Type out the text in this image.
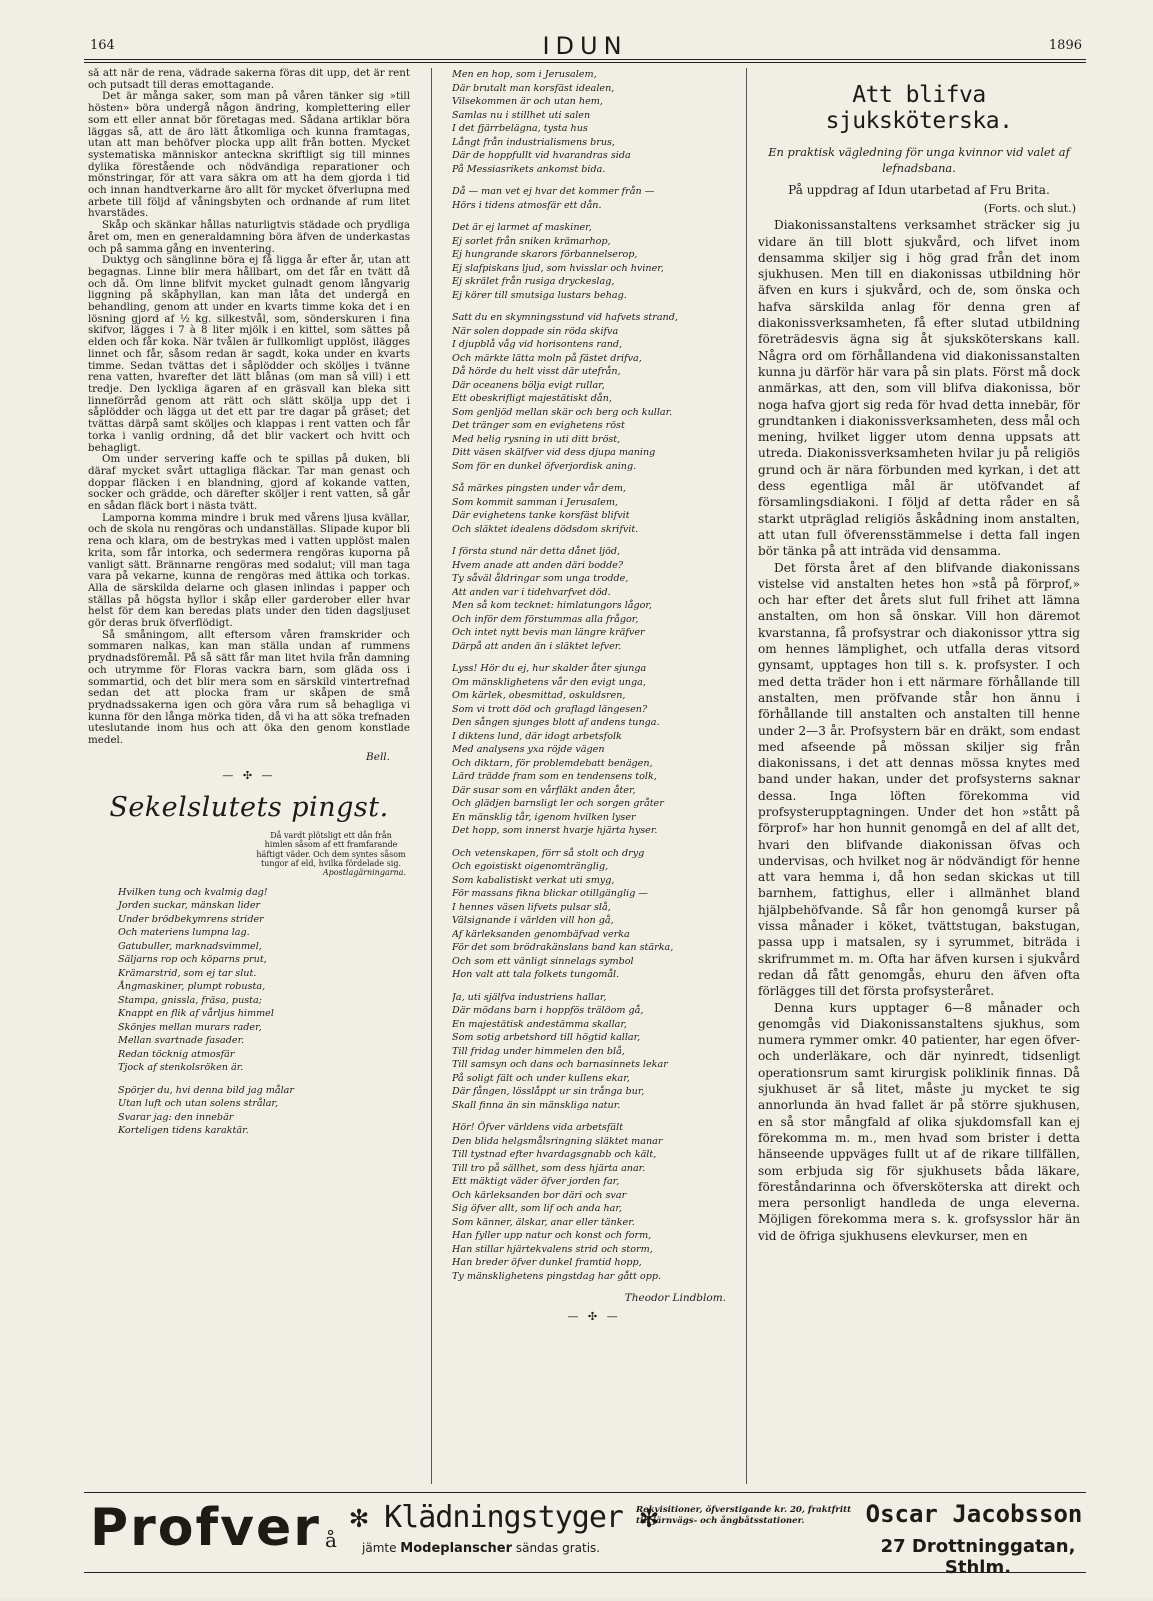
164	IDUN	1896

så att när de rena, vädrade sakerna föras dit upp, det är rent och putsadt till deras emottagande.

Det är många saker, som man på våren tänker sig »till hösten» böra undergå någon ändring, komplettering eller som ett eller annat bör företagas med. Sådana artiklar böra läggas så, att de äro lätt åtkomliga och kunna framtagas, utan att man behöfver plocka upp allt från botten. Mycket systematiska människor anteckna skriftligt sig till minnes dylika förestående och nödvändiga reparationer och mönstringar, för att vara säkra om att ha dem gjorda i tid och innan handtverkarne äro allt för mycket öfverlupna med arbete till följd af våningsbyten och ordnande af rum litet hvarstädes.

Skåp och skänkar hållas naturligtvis städade och prydliga året om, men en generaldamning böra äfven de underkastas och på samma gång en inventering.

Duktyg och sänglinne böra ej få ligga år efter år, utan att begagnas. Linne blir mera hållbart, om det får en tvätt då och då. Om linne blifvit mycket gulnadt genom långvarig liggning på skåphyllan, kan man låta det undergå en behandling, genom att under en kvarts timme koka det i en lösning gjord af ½ kg. silkestvål, som, sönderskuren i fina skifvor, lägges i 7 à 8 liter mjölk i en kittel, som sättes på elden och får koka. När tvålen är fullkomligt upplöst, ilägges linnet och får, såsom redan är sagdt, koka under en kvarts timme. Sedan tvättas det i såplödder och sköljes i tvänne rena vatten, hvarefter det lätt blånas (om man så vill) i ett tredje. Den lyckliga ägaren af en gräsvall kan bleka sitt linneförråd genom att rätt och slätt skölja upp det i såplödder och lägga ut det ett par tre dagar på gräset; det tvättas därpå samt sköljes och klappas i rent vatten och får torka i vanlig ordning, då det blir vackert och hvitt och behagligt.

Om under servering kaffe och te spillas på duken, bli däraf mycket svårt uttagliga fläckar. Tar man genast och doppar fläcken i en blandning, gjord af kokande vatten, socker och grädde, och därefter sköljer i rent vatten, så går en sådan fläck bort i nästa tvätt.

Lamporna komma mindre i bruk med vårens ljusa kvällar, och de skola nu rengöras och undanställas. Slipade kupor bli rena och klara, om de bestrykas med i vatten upplöst malen krita, som får intorka, och sedermera rengöras kuporna på vanligt sätt. Brännarne rengöras med sodalut; vill man taga vara på vekarne, kunna de rengöras med ättika och torkas. Alla de särskilda delarne och glasen inlindas i papper och ställas på högsta hyllor i skåp eller garderober eller hvar helst för dem kan beredas plats under den tiden dagsljuset gör deras bruk öfverflödigt.

Så småningom, allt eftersom våren framskrider och sommaren nalkas, kan man ställa undan af rummens prydnadsföremål. På så sätt får man litet hvila från damning och utrymme för Floras vackra barn, som gläda oss i sommartid, och det blir mera som en särskild vintertrefnad sedan det att plocka fram ur skåpen de små prydnadssakerna igen och göra våra rum så behagliga vi kunna för den långa mörka tiden, då vi ha att söka trefnaden uteslutande inom hus och att öka den genom konstlade medel.

Bell.
— ✣ —
Sekelslutets pingst.
Då vardt plötsligt ett dån från himlen såsom af ett framfarande häftigt väder. Och dem syntes såsom tungor af eld, hvilka fördelade sig.
Apostlagärningarna.
Hvilken tung och kvalmig dag!
Jorden suckar, mänskan lider
Under brödbekymrens strider
Och materiens lumpna lag.
Gatubuller, marknadsvimmel,
Säljarns rop och köparns prut,
Krämarstrid, som ej tar slut.
Ångmaskiner, plumpt robusta,
Stampa, gnissla, fräsa, pusta;
Knappt en flik af vårljus himmel
Skönjes mellan murars rader,
Mellan svartnade fasader.
Redan töcknig atmosfär
Tjock af stenkolsröken är.
Spörjer du, hvi denna bild jag målar
Utan luft och utan solens strålar,
Svarar jag: den innebär
Korteligen tidens karaktär.
Men en hop, som i Jerusalem,
Där brutalt man korsfäst idealen,
Vilsekommen är och utan hem,
Samlas nu i stillhet uti salen
I det fjärrbelägna, tysta hus
Långt från industrialismens brus,
Där de hoppfullt vid hvarandras sida
På Messiasrikets ankomst bida.
Då — man vet ej hvar det kommer från —
Hörs i tidens atmosfär ett dån.
Det är ej larmet af maskiner,
Ej sorlet från sniken krämarhop,
Ej hungrande skarors förbannelserop,
Ej slafpiskans ljud, som hvisslar och hviner,
Ej skrälet från rusiga dryckeslag,
Ej körer till smutsiga lustars behag.
Satt du en skymningsstund vid hafvets strand,
När solen doppade sin röda skifva
I djupblå våg vid horisontens rand,
Och märkte lätta moln på fästet drifva,
Då hörde du helt visst där utefrån,
Där oceanens böljа evigt rullar,
Ett obeskrifligt majestätiskt dån,
Som genljöd mellan skär och berg och kullar.
Det tränger som en evighetens röst
Med helig rysning in uti ditt bröst,
Ditt väsen skälfver vid dess djupa maning
Som för en dunkel öfverjordisk aning.
Så märkes pingsten under vår dem,
Som kommit samman i Jerusalem,
Där evighetens tanke korsfäst blifvit
Och släktet idealens dödsdom skrifvit.
I första stund när detta dånet ljöd,
Hvem anade att anden däri bodde?
Ty såväl åldringar som unga trodde,
Att anden var i tidehvarfvet död.
Men så kom tecknet: himlatungors lågor,
Och inför dem förstummas alla frågor,
Och intet nytt bevis man längre kräfver
Därpå att anden än i släktet lefver.
Lyss! Hör du ej, hur skalder åter sjunga
Om mänsklighetens vår den evigt unga,
Om kärlek, obesmittad, oskuldsren,
Som vi trott död och graflagd längesen?
Den sången sjunges blott af andens tunga.
I diktens lund, där idogt arbetsfolk
Med analysens yxa röjde vägen
Och diktarn, för problemdebatt benägen,
Lärd trädde fram som en tendensens tolk,
Där susar som en vårfläkt anden åter,
Och glädjen barnsligt ler och sorgen gråter
En mänsklig tår, igenom hvilken lyser
Det hopp, som innerst hvarje hjärta hyser.
Och vetenskapen, förr så stolt och dryg
Och egoistiskt oigenomtränglig,
Som kabalistiskt verkat uti smyg,
För massans fikna blickar otillgänglig —
I hennes väsen lifvets pulsar slå,
Välsignande i världen vill hon gå,
Af kärleksanden genombäfvad verka
För det som brödrakänslans band kan stärka,
Och som ett vänligt sinnelags symbol
Hon valt att tala folkets tungomål.
Ja, uti själfva industriens hallar,
Där mödans barn i hoppfös trälдom gå,
En majestätisk andestämma skallar,
Som sotig arbetshord till högtid kallar,
Till fridag under himmelen den blå,
Till samsyn och dans och barnasinnets lekar
På soligt fält och under kullens ekar,
Där fången, lösslåppt ur sin trånga bur,
Skall finna än sin mänskliga natur.
Hör! Öfver världens vida arbetsfält
Den blida helgsmålsringning släktet manar
Till tystnad efter hvardagsgnabb och kält,
Till tro på sällhet, som dess hjärta anar.
Ett mäktigt väder öfver jorden far,
Och kärleksanden bor däri och svar
Sig öfver allt, som lif och anda har,
Som känner, älskar, anar eller tänker.
Han fyller upp natur och konst och form,
Han stillar hjärtekvalens strid och storm,
Han breder öfver dunkel framtid hopp,
Ty mänsklighetens pingstdag har gått opp.
Theodor Lindblom.
— ✣ —
Att blifva sjuksköterska.
En praktisk vägledning för unga kvinnor vid valet af lefnadsbana.
På uppdrag af Idun utarbetad af Fru Brita.
(Forts. och slut.)

Diakonissanstaltens verksamhet sträcker sig ju vidare än till blott sjukvård, och lifvet inom densamma skiljer sig i hög grad från det inom sjukhusen. Men till en diakonissas utbildning hör äfven en kurs i sjukvård, och de, som önska och hafva särskilda anlag för denna gren af diakonissverksamheten, få efter slutad utbildning företrädesvis ägna sig åt sjuksköterskans kall. Några ord om förhållandena vid diakonissanstalten kunna ju därför här vara på sin plats. Först må dock anmärkas, att den, som vill blifva diakonissa, bör noga hafva gjort sig reda för hvad detta innebär, för grundtanken i diakonissverksamheten, dess mål och mening, hvilket ligger utom denna uppsats att utreda. Diakonissverksamheten hvilar ju på religiös grund och är nära förbunden med kyrkan, i det att dess egentliga mål är utöfvandet af församlingsdiakoni. I följd af detta råder en så starkt utpräglad religiös åskådning inom anstalten, att utan full öfverensstämmelse i detta fall ingen bör tänka på att inträda vid densamma.

Det första året af den blifvande diakonissans vistelse vid anstalten hetes hon »stå på förprof,» och har efter det årets slut full frihet att lämna anstalten, om hon så önskar. Vill hon däremot kvarstanna, få profsystrar och diakonissor yttra sig om hennes lämplighet, och utfalla deras vitsord gynsamt, upptages hon till s. k. profsyster. I och med detta träder hon i ett närmare förhållande till anstalten, men pröfvande står hon ännu i förhållande till anstalten och anstalten till henne under 2—3 år. Profsystern bär en dräkt, som endast med afseende på mössan skiljer sig från diakonissans, i det att dennas mössa knytes med band under hakan, under det profsysterns saknar dessa. Inga löften förekomma vid profsysterupptagningen. Under det hon »stått på förprof» har hon hunnit genomgå en del af allt det, hvari den blifvande diakonissan öfvas och undervisas, och hvilket nog är nödvändigt för henne att vara hemma i, då hon sedan skickas ut till barnhem, fattighus, eller i allmänhet bland hjälpbehöfvande. Så får hon genomgå kurser på vissa månader i köket, tvättstugan, bakstugan, passa upp i matsalen, sy i syrummet, biträda i skrifrummet m. m. Ofta har äfven kursen i sjukvård redan då fått genomgås, ehuru den äfven ofta förlägges till det första profsysteråret.

Denna kurs upptager 6—8 månader och genomgås vid Diakonissanstaltens sjukhus, som numera rymmer omkr. 40 patienter, har egen öfver- och underläkare, och där nyinredt, tidsenligt operationsrum samt kirurgisk poliklinik finnas. Då sjukhuset är så litet, måste ju mycket te sig annorlunda än hvad fallet är på större sjukhusen, en så stor mångfald af olika sjukdomsfall kan ej förekomma m. m., men hvad som brister i detta hänseende uppväges fullt ut af de rikare tillfällen, som erbjuda sig för sjukhusets båda läkare, föreståndarinna och öfversköterska att direkt och mera personligt handleda de unga eleverna. Möjligen förekomma mera s. k. grofsysslor här än vid de öfriga sjukhusens elevkurser, men en

Profver å
✻ Klädningstyger ✻
jämte Modeplanscher sändas gratis.
Rekvisitioner, öfverstigande kr. 20, fraktfritt till järnvägs- och ångbåtsstationer.	Oscar Jacobsson
27 Drottninggatan, Sthlm.
